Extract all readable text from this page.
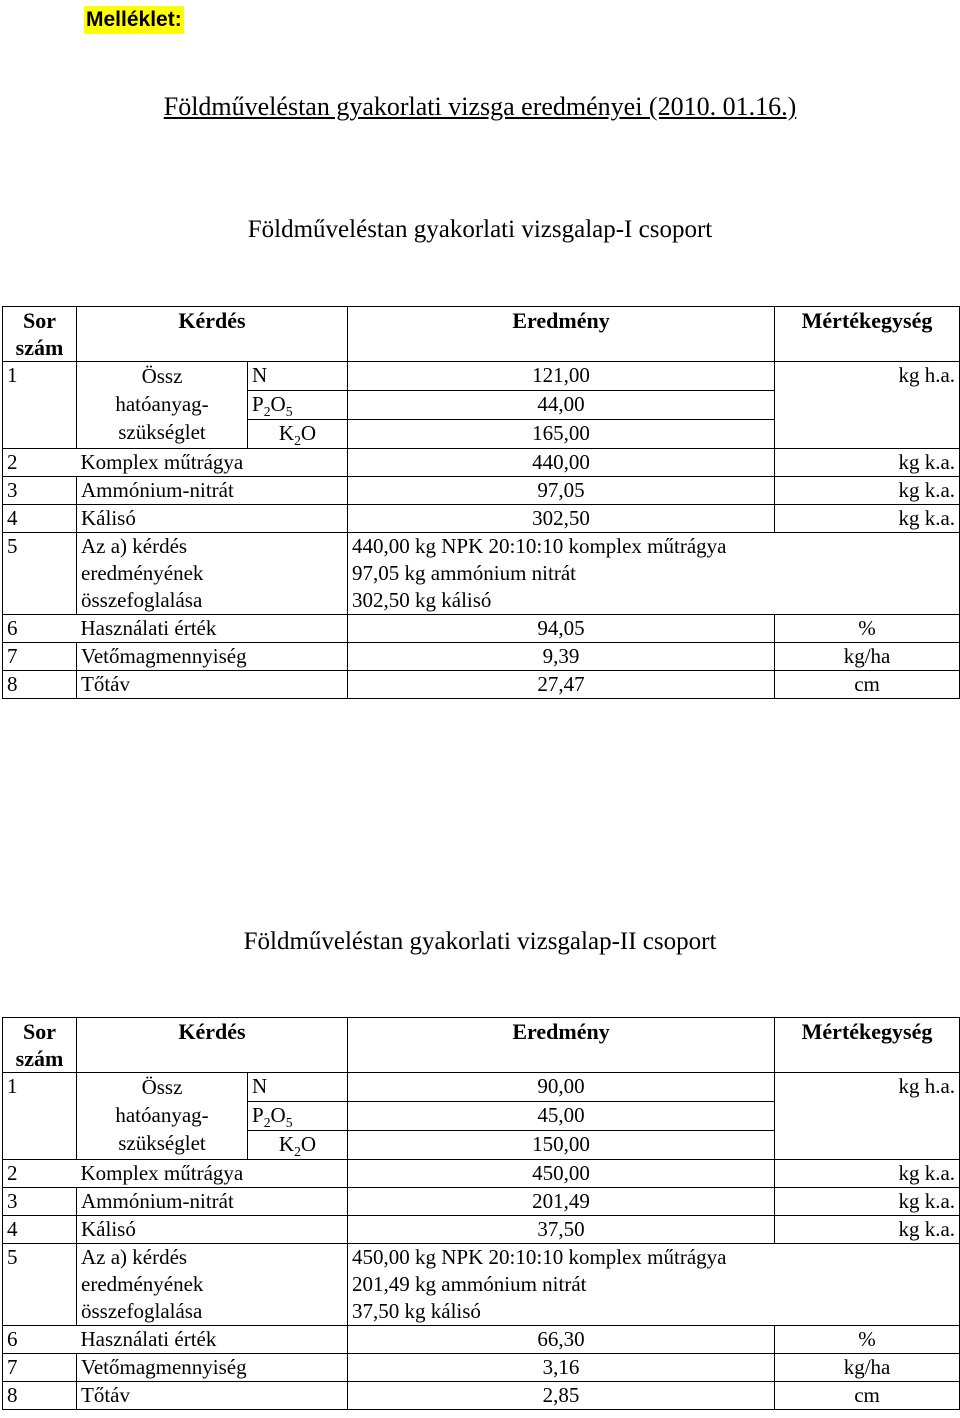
Melléklet:
Földműveléstan gyakorlati vizsga eredményei (2010. 01.16.)
Földműveléstan gyakorlati vizsgalap-I csoport
Sor
szám	Kérdés		Eredmény	Mértékegység
1	Össz
hatóanyag-
szükséglet	N	121,00	kg h.a.
		$P_2O_5$	44,00	
		$K_2O$	165,00	
2	Komplex műtrágya		440,00	kg k.a.
3	Ammónium-nitrát		97,05	kg k.a.
4	Kálisó		302,50	kg k.a.
5	Az a) kérdés
eredményének
összefoglalása		440,00 kg NPK 20:10:10 komplex műtrágya
97,05 kg ammónium nitrát
302,50 kg kálisó	

6	Használati érték		94,05	%
7	Vetőmagmennyiség		9,39	kg/ha
8	Tőtáv		27,47	cm
Földműveléstan gyakorlati vizsgalap-II csoport
Sor
szám	Kérdés		Eredmény	Mértékegység
1	Össz
hatóanyag-
szükséglet	N	90,00	kg h.a.
		$P_2O_5$	45,00	
		$K_2O$	150,00	
2	Komplex műtrágya		450,00	kg k.a.
3	Ammónium-nitrát		201,49	kg k.a.
4	Kálisó		37,50	kg k.a.
5	Az a) kérdés
eredményének
összefoglalása		450,00 kg NPK 20:10:10 komplex műtrágya
201,49 kg ammónium nitrát
37,50 kg kálisó	

6	Használati érték		66,30	%
7	Vetőmagmennyiség		3,16	kg/ha
8	Tőtáv		2,85	cm
